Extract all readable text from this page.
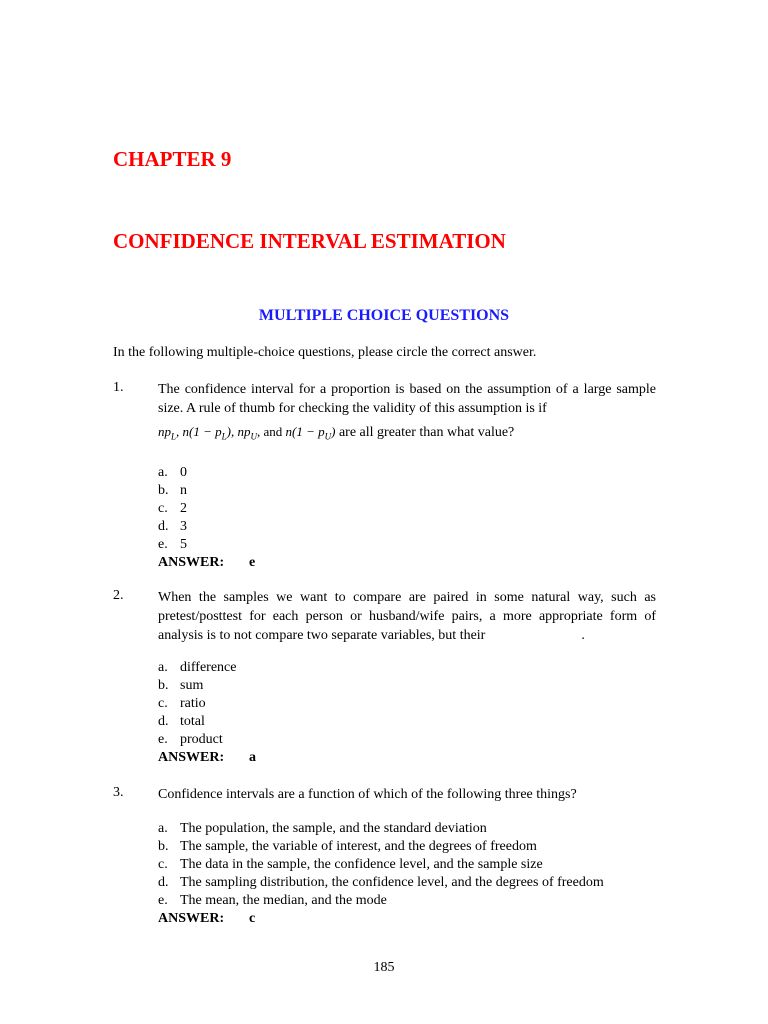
CHAPTER 9
CONFIDENCE INTERVAL ESTIMATION
MULTIPLE CHOICE QUESTIONS

In the following multiple-choice questions, please circle the correct answer.

1. The confidence interval for a proportion is based on the assumption of a large sample size. A rule of thumb for checking the validity of this assumption is if
$np_L$, $n(1 - p_L)$, $np_U$, and $n(1 - p_U)$ are all greater than what value?
a. 0
b. n
c. 2
d. 3
e. 5
ANSWER: e
2. When the samples we want to compare are paired in some natural way, such as pretest/posttest for each person or husband/wife pairs, a more appropriate form of analysis is to not compare two separate variables, but their	.
a. difference
b. sum
c. ratio
d. total
e. product
ANSWER: a
3. Confidence intervals are a function of which of the following three things?
a. The population, the sample, and the standard deviation
b. The sample, the variable of interest, and the degrees of freedom
c. The data in the sample, the confidence level, and the sample size
d. The sampling distribution, the confidence level, and the degrees of freedom
e. The mean, the median, and the mode
ANSWER: c
185
